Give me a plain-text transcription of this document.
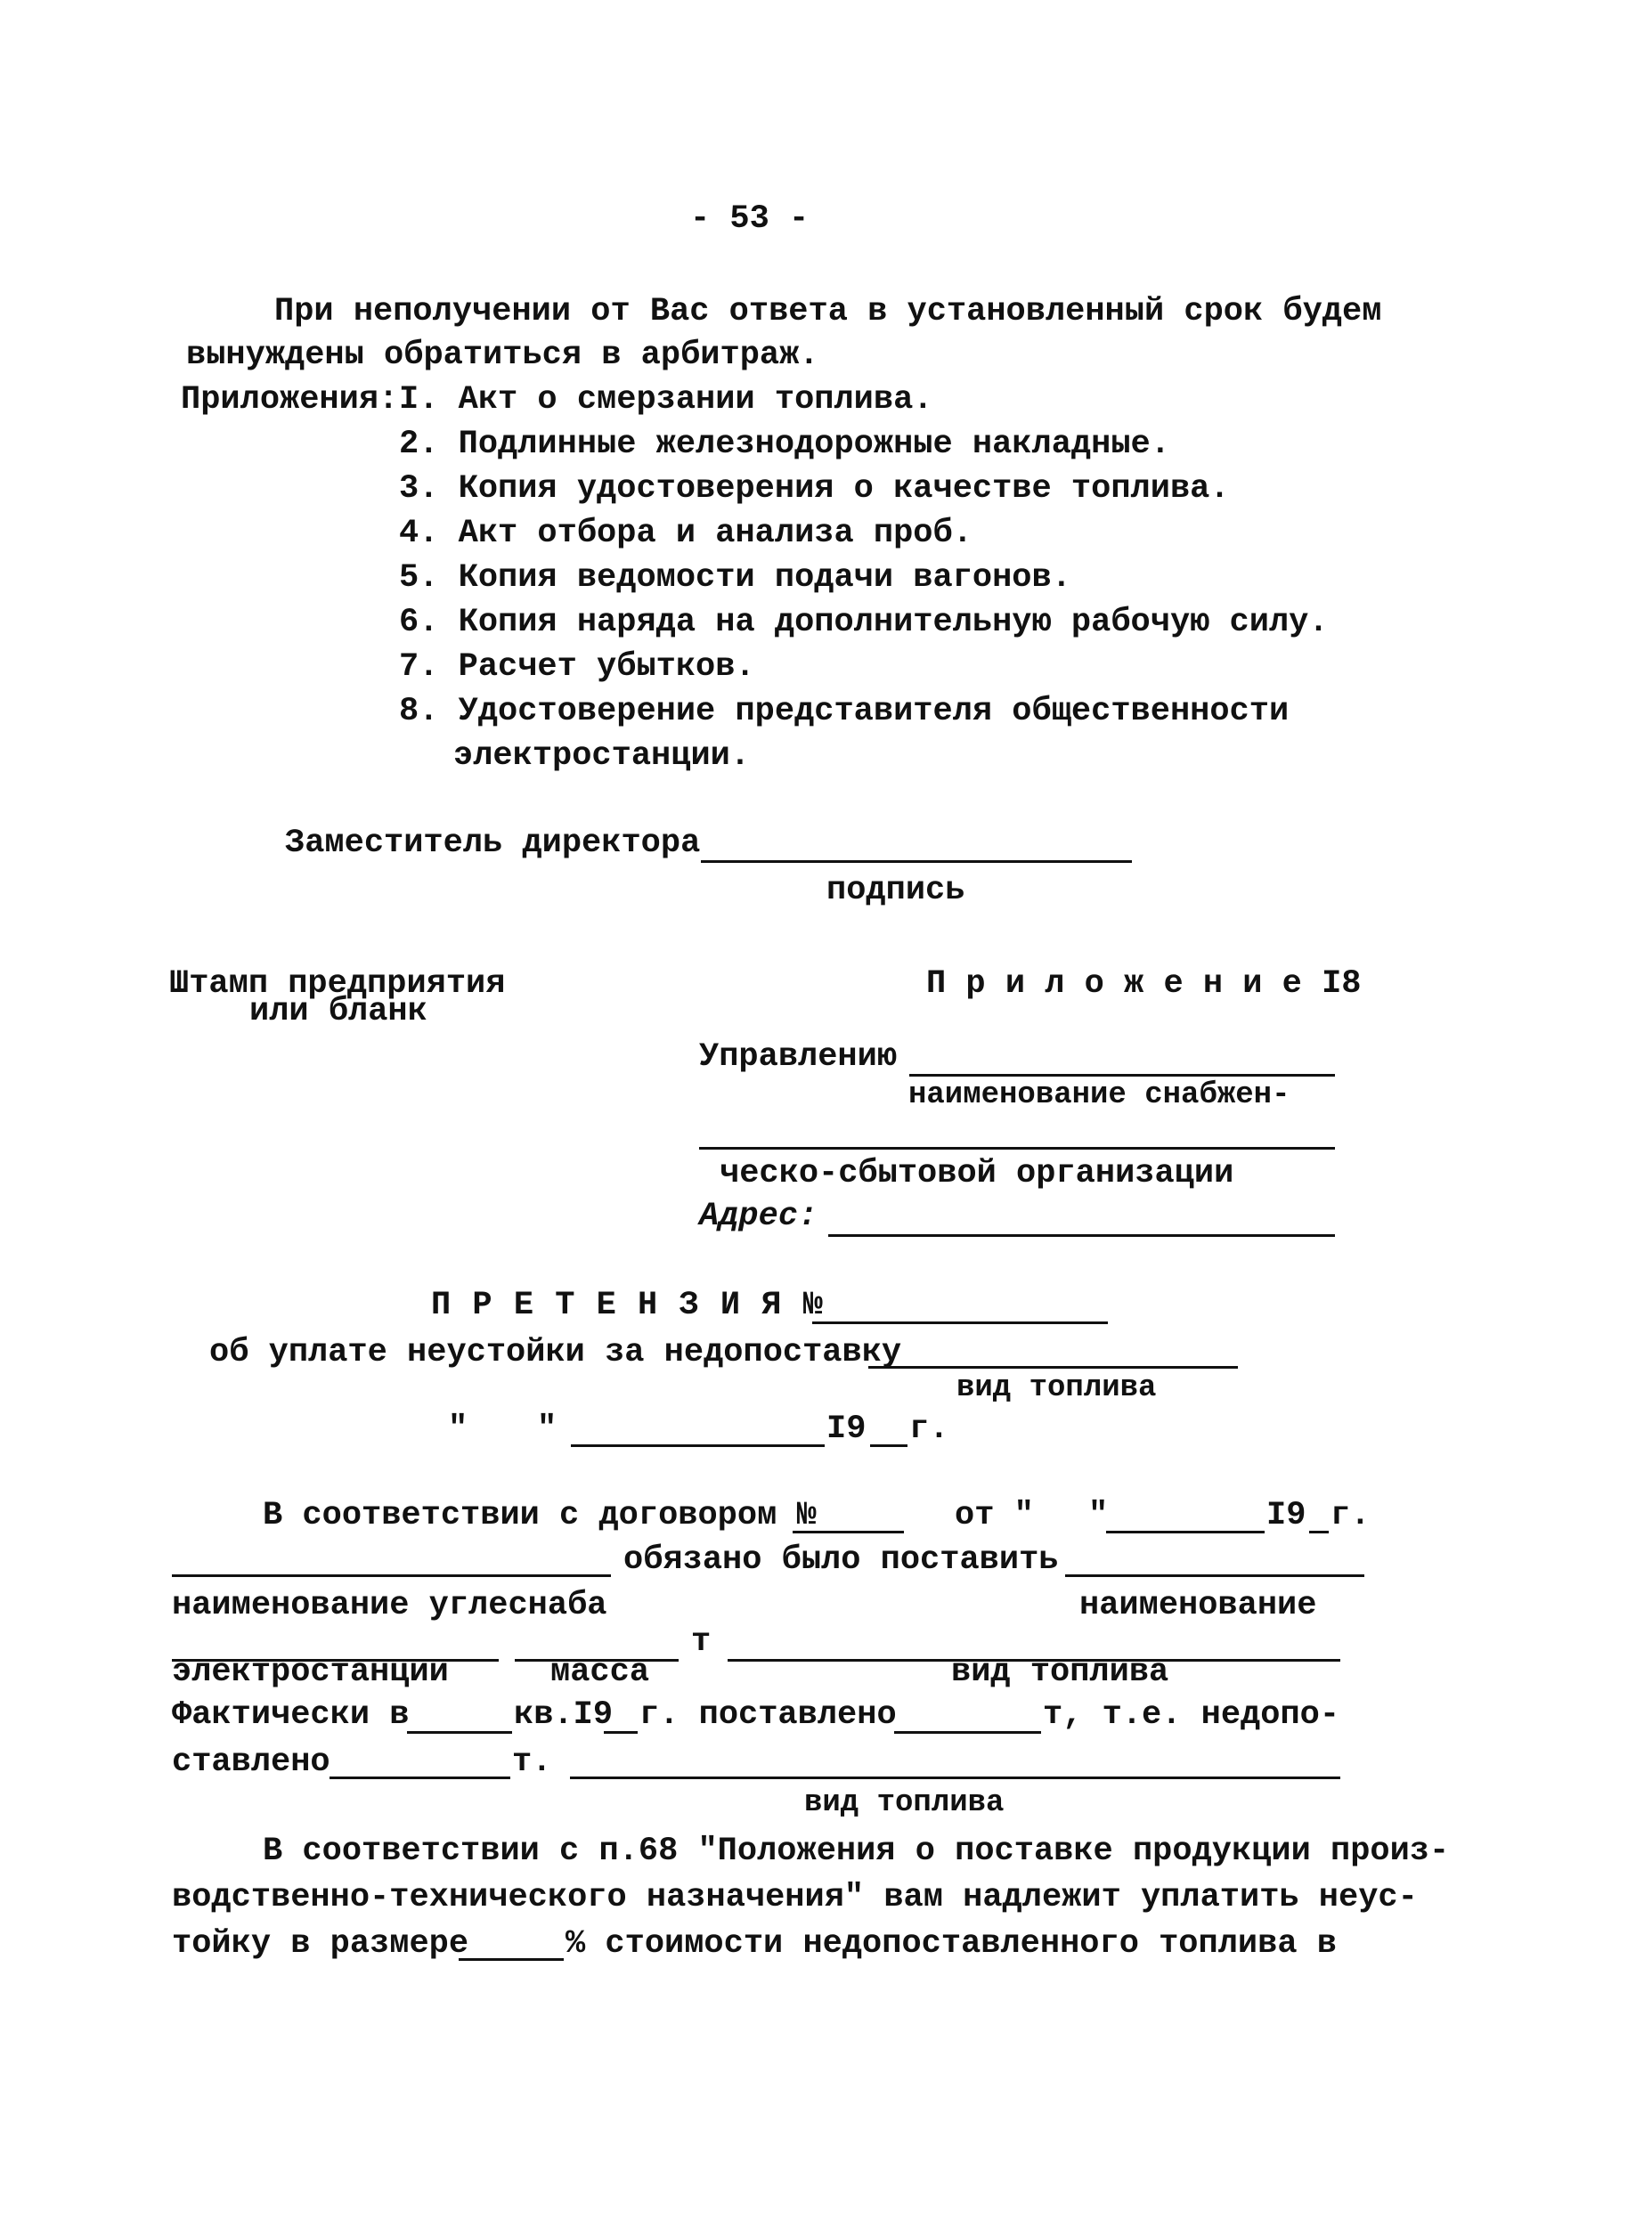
- 53 -
При неполучении от Вас ответа в установленный срок будем
вынуждены обратиться в арбитраж.
Приложения: I. Акт о смерзании топлива.
2. Подлинные железнодорожные накладные.
3. Копия удостоверения о качестве топлива.
4. Акт отбора и анализа проб.
5. Копия ведомости подачи вагонов.
6. Копия наряда на дополнительную рабочую силу.
7. Расчет убытков.
8. Удостоверение представителя общественности
электростанции.
Заместитель директора
подпись
Штамп предприятия
или бланк
П р и л о ж е н и е I8
Управлению
наименование снабжен-
ческо-сбытовой организации
Адрес:
П Р Е Т Е Н З И Я №
об уплате неустойки за недопоставку
вид топлива
" "	I9 г.
В соответствии с договором №	от " "	I9 г.
обязано было поставить
наименование углеснаба	наименование
т
электростанции	масса	вид топлива
Фактически в	кв.I9 г. поставлено	т, т.е. недопо-
ставлено	т.
вид топлива
В соответствии с п.68 "Положения о поставке продукции произ-
водственно-технического назначения" вам надлежит уплатить неус-
тойку в размере	% стоимости недопоставленного топлива в
